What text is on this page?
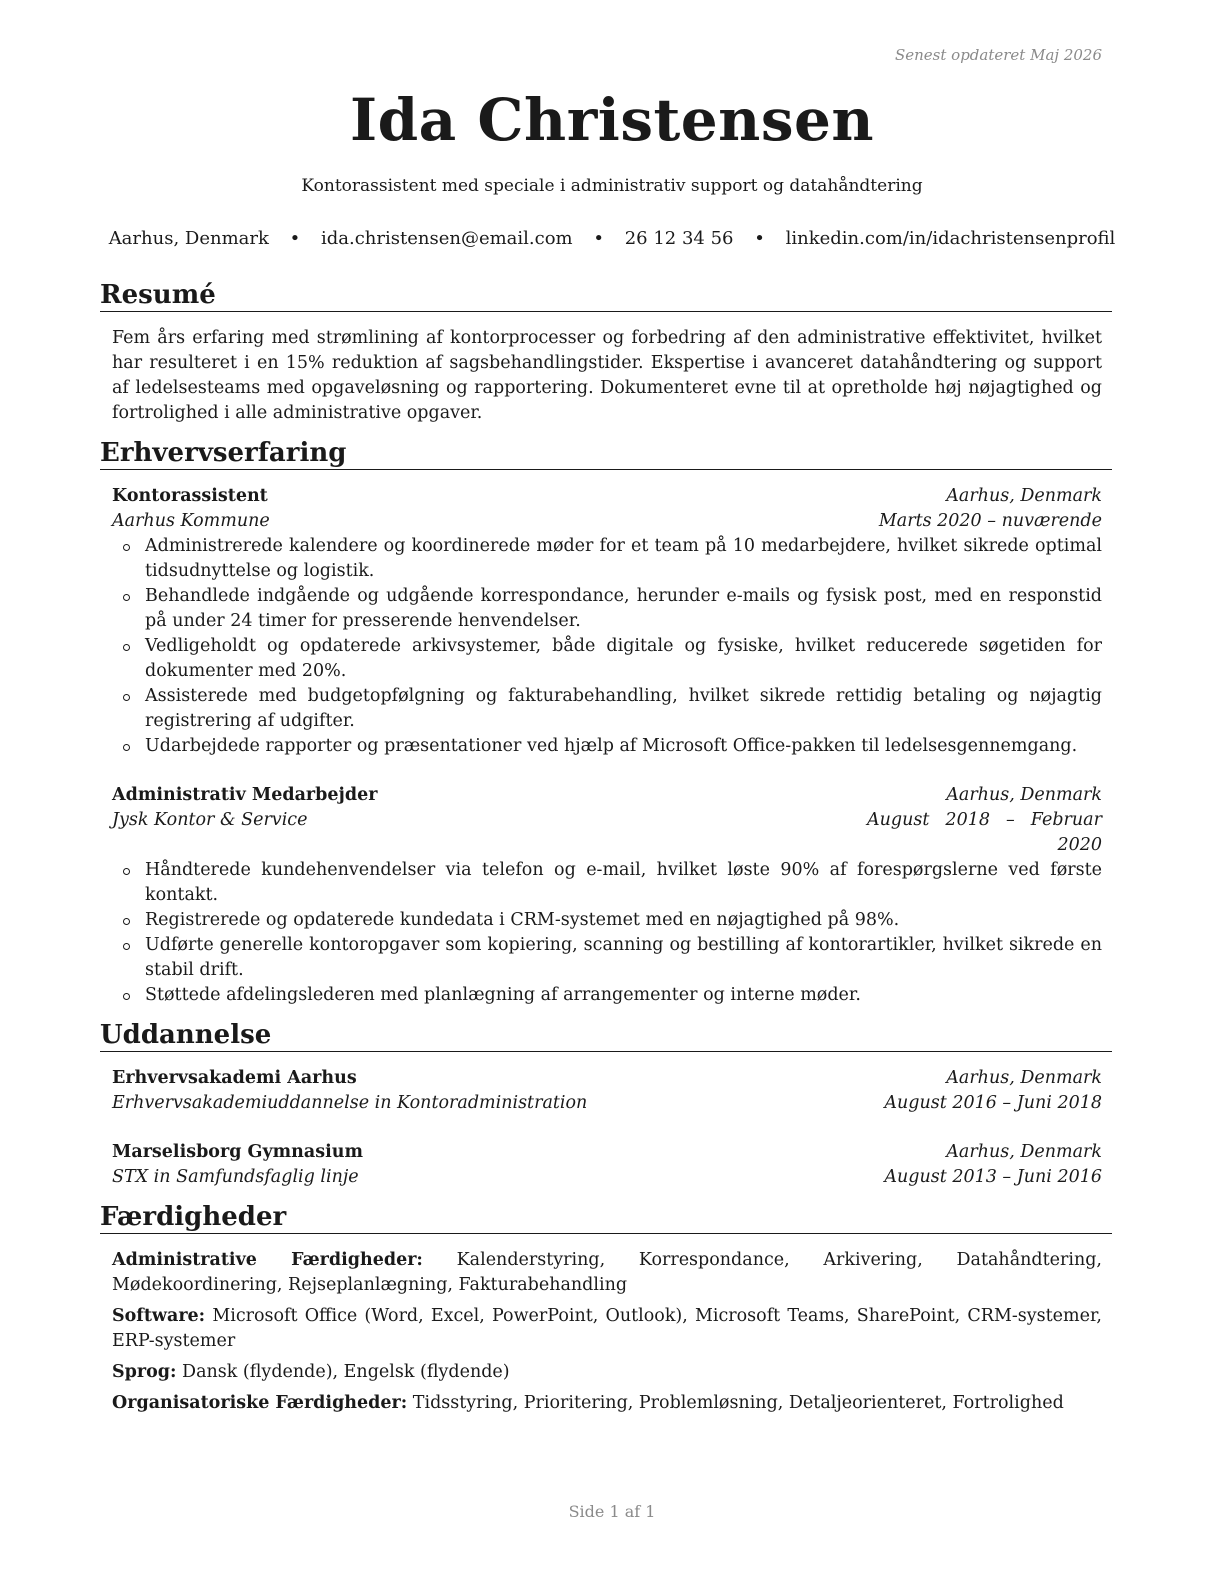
Senest opdateret Maj 2026
Ida Christensen
Kontorassistent med speciale i administrativ support og datahåndtering
Aarhus, Denmark • ida.christensen@email.com • 26 12 34 56 • linkedin.com/in/idachristensenprofil
Resumé
Fem års erfaring med strømlining af kontorprocesser og forbedring af den administrative effektivitet, hvilket har resulteret i en 15% reduktion af sagsbehandlingstider. Ekspertise i avanceret datahåndtering og support af ledelsesteams med opgaveløsning og rapportering. Dokumenteret evne til at opretholde høj nøjagtighed og fortrolighed i alle administrative opgaver.
Erhvervserfaring
Kontorassistent	Aarhus, Denmark
Aarhus Kommune	Marts 2020 – nuværende
Administrerede kalendere og koordinerede møder for et team på 10 medarbejdere, hvilket sikrede optimal tidsudnyttelse og logistik.
Behandlede indgående og udgående korrespondance, herunder e-mails og fysisk post, med en responstid på under 24 timer for presserende henvendelser.
Vedligeholdt og opdaterede arkivsystemer, både digitale og fysiske, hvilket reducerede søgetiden for dokumenter med 20%.
Assisterede med budgetopfølgning og fakturabehandling, hvilket sikrede rettidig betaling og nøjagtig registrering af udgifter.
Udarbejdede rapporter og præsentationer ved hjælp af Microsoft Office-pakken til ledelsesgennemgang.
Administrativ Medarbejder	Aarhus, Denmark
Jysk Kontor & Service	August 2018 – Februar 2020
Håndterede kundehenvendelser via telefon og e-mail, hvilket løste 90% af forespørgslerne ved første kontakt.
Registrerede og opdaterede kundedata i CRM-systemet med en nøjagtighed på 98%.
Udførte generelle kontoropgaver som kopiering, scanning og bestilling af kontorartikler, hvilket sikrede en stabil drift.
Støttede afdelingslederen med planlægning af arrangementer og interne møder.
Uddannelse
Erhvervsakademi Aarhus	Aarhus, Denmark
Erhvervsakademiuddannelse in Kontoradministration	August 2016 – Juni 2018
Marselisborg Gymnasium	Aarhus, Denmark
STX in Samfundsfaglig linje	August 2013 – Juni 2016
Færdigheder
Administrative Færdigheder: Kalenderstyring, Korrespondance, Arkivering, Datahåndtering, Mødekoordinering, Rejseplanlægning, Fakturabehandling
Software: Microsoft Office (Word, Excel, PowerPoint, Outlook), Microsoft Teams, SharePoint, CRM-systemer, ERP-systemer
Sprog: Dansk (flydende), Engelsk (flydende)
Organisatoriske Færdigheder: Tidsstyring, Prioritering, Problemløsning, Detaljeorienteret, Fortrolighed
Side 1 af 1
